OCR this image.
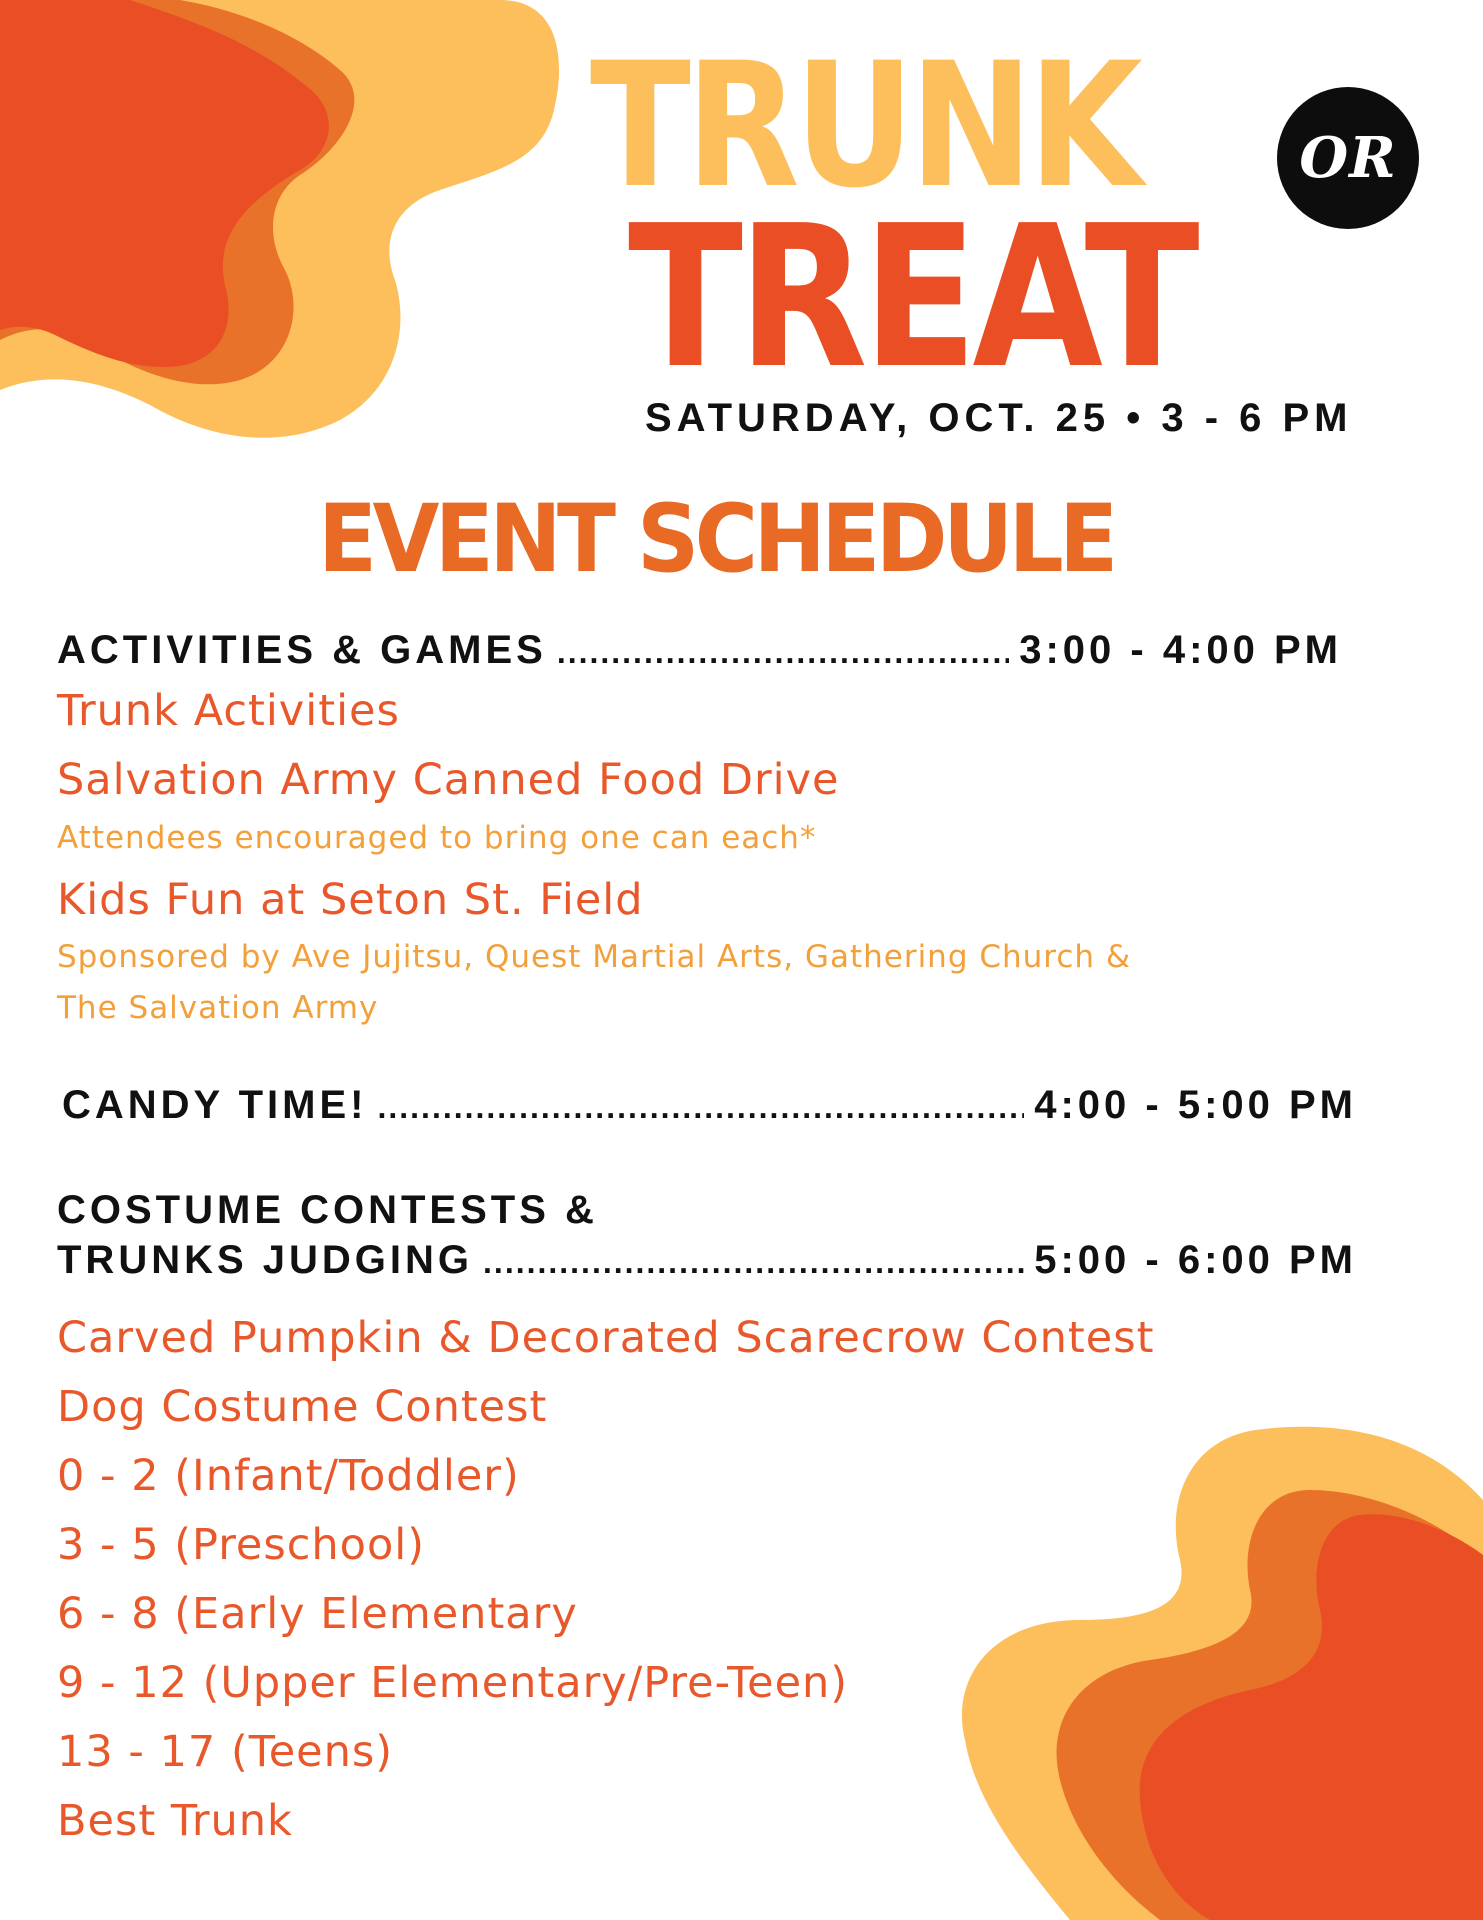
TRUNK	OR
TREAT
SATURDAY, OCT. 25 • 3 - 6 PM
EVENT SCHEDULE
ACTIVITIES & GAMES .....	3:00 - 4:00 PM
Trunk Activities
Salvation Army Canned Food Drive
Attendees encouraged to bring one can each*
Kids Fun at Seton St. Field
Sponsored by Ave Jujitsu, Quest Martial Arts, Gathering Church &
The Salvation Army
CANDY TIME! .....	4:00 - 5:00 PM
COSTUME CONTESTS &
TRUNKS JUDGING .....	5:00 - 6:00 PM
Carved Pumpkin & Decorated Scarecrow Contest
Dog Costume Contest
0 - 2 (Infant/Toddler)
3 - 5 (Preschool)
6 - 8 (Early Elementary
9 - 12 (Upper Elementary/Pre-Teen)
13 - 17 (Teens)
Best Trunk
